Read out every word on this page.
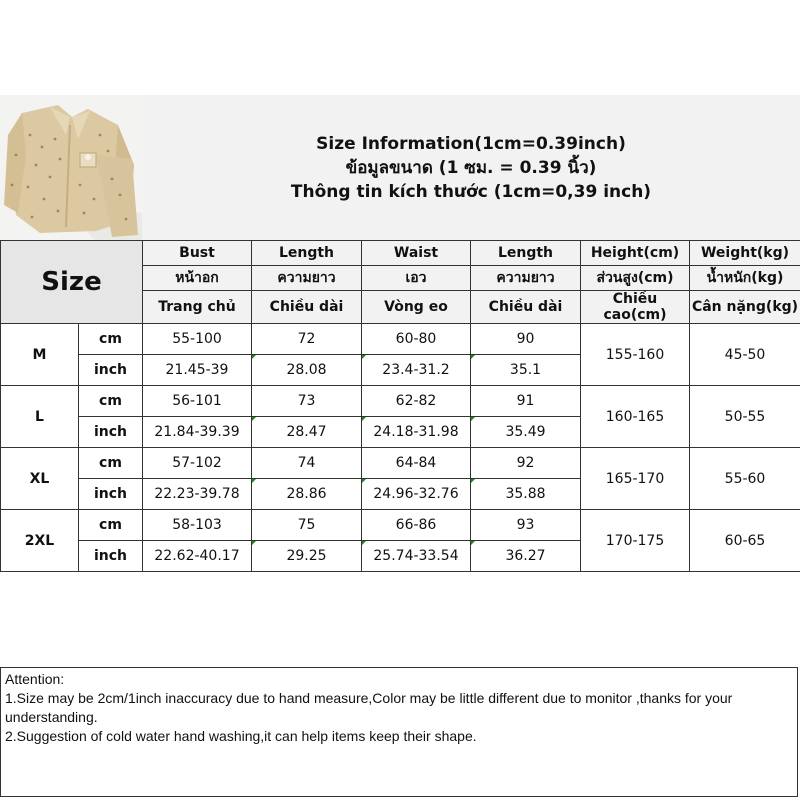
Size Information(1cm=0.39inch)
ข้อมูลขนาด (1 ซม. = 0.39 นิ้ว)
Thông tin kích thước (1cm=0,39 inch)
Size		Bust	Length	Waist	Length	Height(cm)	Weight(kg)
		หน้าอก	ความยาว	เอว	ความยาว	ส่วนสูง(cm)	น้ำหนัก(kg)
		Trang chủ	Chiều dài	Vòng eo	Chiều dài	Chiều cao(cm)	Cân nặng(kg)
M	cm	55-100	72	60-80	90	155-160	45-50
	inch	21.45-39	28.08	23.4-31.2	35.1		
L	cm	56-101	73	62-82	91	160-165	50-55
	inch	21.84-39.39	28.47	24.18-31.98	35.49		
XL	cm	57-102	74	64-84	92	165-170	55-60
	inch	22.23-39.78	28.86	24.96-32.76	35.88		
2XL	cm	58-103	75	66-86	93	170-175	60-65
	inch	22.62-40.17	29.25	25.74-33.54	36.27		
Attention:
1.Size may be 2cm/1inch inaccuracy due to hand measure,Color may be little different due to monitor ,thanks for your understanding.
2.Suggestion of cold water hand washing,it can help items keep their shape.
